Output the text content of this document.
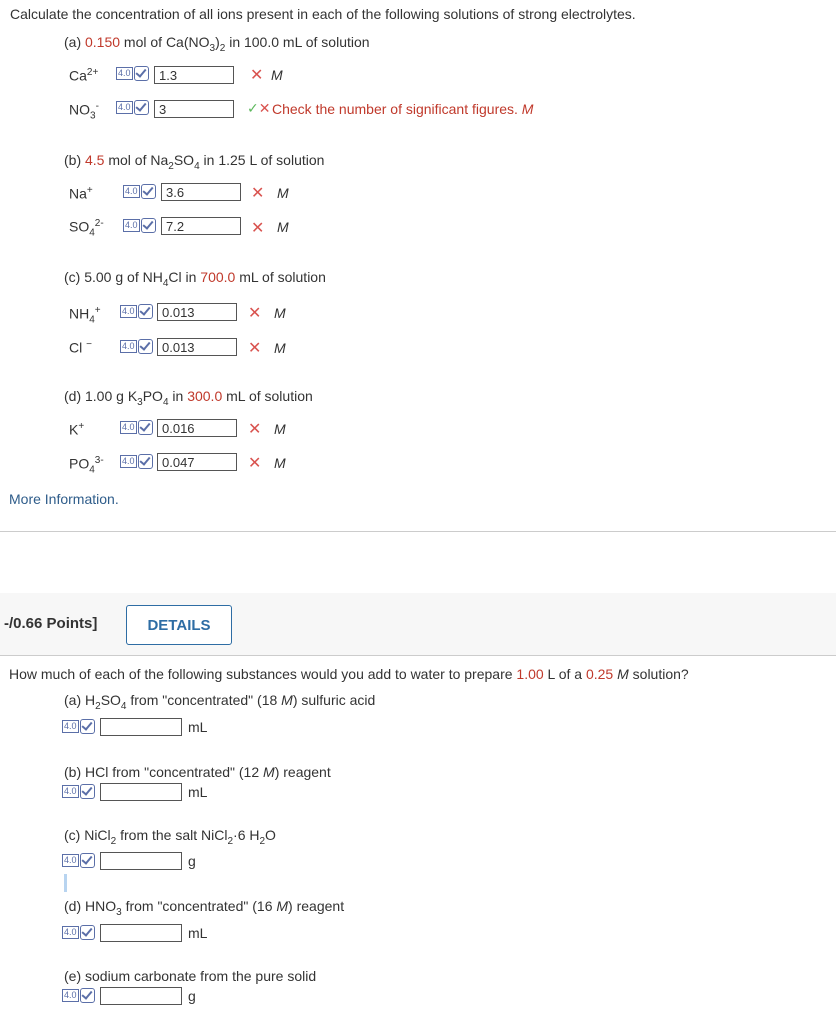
Calculate the concentration of all ions present in each of the following solutions of strong electrolytes.
(a) 0.150 mol of $Ca(NO_3)_2$ in 100.0 mL of solution
$Ca^{2+}$ 4.0	1.3	✕ M
$NO_3^-$ 4.0	3	✓✕ Check the number of significant figures. M
(b) 4.5 mol of $Na_2SO_4$ in 1.25 L of solution
Na+	4.0	3.6	✕ M
$SO_4^{2-}$ 4.0	7.2	✕ M
(c) 5.00 g of $NH_4Cl$ in 700.0 mL of solution
$NH_4^+$ 4.0	0.013	✕ M
Cl −	4.0	0.013	✕ M
(d) 1.00 g $K_3PO_4$ in 300.0 mL of solution
K+	4.0	0.016	✕ M
$PO_4^{3-}$ 4.0	0.047	✕ M
More Information.
-/0.66 Points]	DETAILS
How much of each of the following substances would you add to water to prepare 1.00 L of a 0.25 M solution?
(a) $H_2SO_4$ from "concentrated" (18 M) sulfuric acid
4.0	mL
(b) HCl from "concentrated" (12 M) reagent
4.0	mL
(c) NiCl$_2$ from the salt NiCl$_2$·6 $H_2O$
4.0	g
(d) $HNO_3$ from "concentrated" (16 M) reagent
4.0	mL
(e) sodium carbonate from the pure solid
4.0	g
